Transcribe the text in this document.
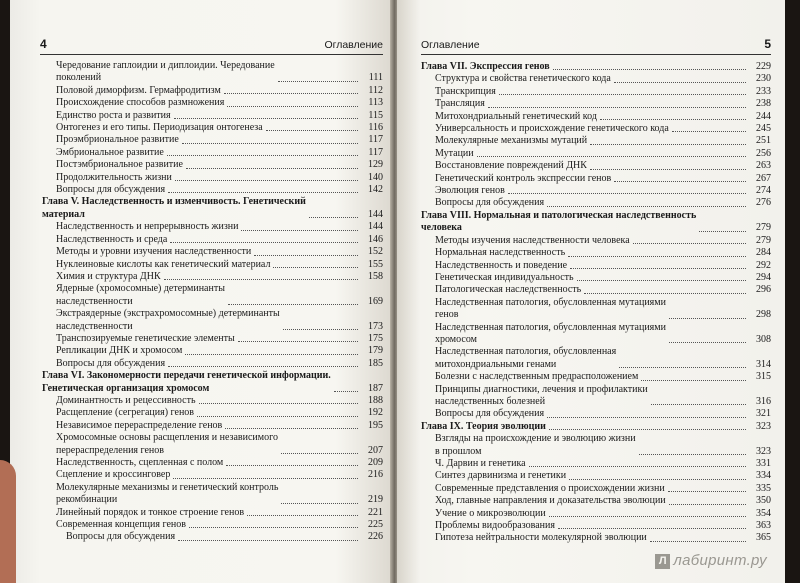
4	Оглавление
Чередование гаплоидии и диплоидии. Чередование
поколений	111
Половой диморфизм. Гермафродитизм	112
Происхождение способов размножения	113
Единство роста и развития	115
Онтогенез и его типы. Периодизация онтогенеза	116
Проэмбриональное развитие	117
Эмбриональное развитие	117
Постэмбриональное развитие	129
Продолжительность жизни	140
Вопросы для обсуждения	142
Глава V. Наследственность и изменчивость. Генетический
материал	144
Наследственность и непрерывность жизни	144
Наследственность и среда	146
Методы и уровни изучения наследственности	152
Нуклеиновые кислоты как генетический материал	155
Химия и структура ДНК	158
Ядерные (хромосомные) детерминанты
наследственности	169
Экстраядерные (экстрахромосомные) детерминанты
наследственности	173
Транспозируемые генетические элементы	175
Репликации ДНК и хромосом	179
Вопросы для обсуждения	185
Глава VI. Закономерности передачи генетической информации.
Генетическая организация хромосом	187
Доминантность и рецессивность	188
Расщепление (сегрегация) генов	192
Независимое перераспределение генов	195
Хромосомные основы расщепления и независимого
перераспределения генов	207
Наследственность, сцепленная с полом	209
Сцепление и кроссинговер	216
Молекулярные механизмы и генетический контроль
рекомбинации	219
Линейный порядок и тонкое строение генов	221
Современная концепция генов	225
Вопросы для обсуждения	226
Оглавление	5
Глава VII. Экспрессия генов	229
Структура и свойства генетического кода	230
Транскрипция	233
Трансляция	238
Митохондриальный генетический код	244
Универсальность и происхождение генетического кода	245
Молекулярные механизмы мутаций	251
Мутации	256
Восстановление повреждений ДНК	263
Генетический контроль экспрессии генов	267
Эволюция генов	274
Вопросы для обсуждения	276
Глава VIII. Нормальная и патологическая наследственность
человека	279
Методы изучения наследственности человека	279
Нормальная наследственность	284
Наследственность и поведение	292
Генетическая индивидуальность	294
Патологическая наследственность	296
Наследственная патология, обусловленная мутациями
генов	298
Наследственная патология, обусловленная мутациями
хромосом	308
Наследственная патология, обусловленная
митохондриальными генами	314
Болезни с наследственным предрасположением	315
Принципы диагностики, лечения и профилактики
наследственных болезней	316
Вопросы для обсуждения	321
Глава IX. Теория эволюции	323
Взгляды на происхождение и эволюцию жизни
в прошлом	323
Ч. Дарвин и генетика	331
Синтез дарвинизма и генетики	334
Современные представления о происхождении жизни	335
Ход, главные направления и доказательства эволюции	350
Учение о микроэволюции	354
Проблемы видообразования	363
Гипотеза нейтральности молекулярной эволюции	365
Л лабиринт.ру
